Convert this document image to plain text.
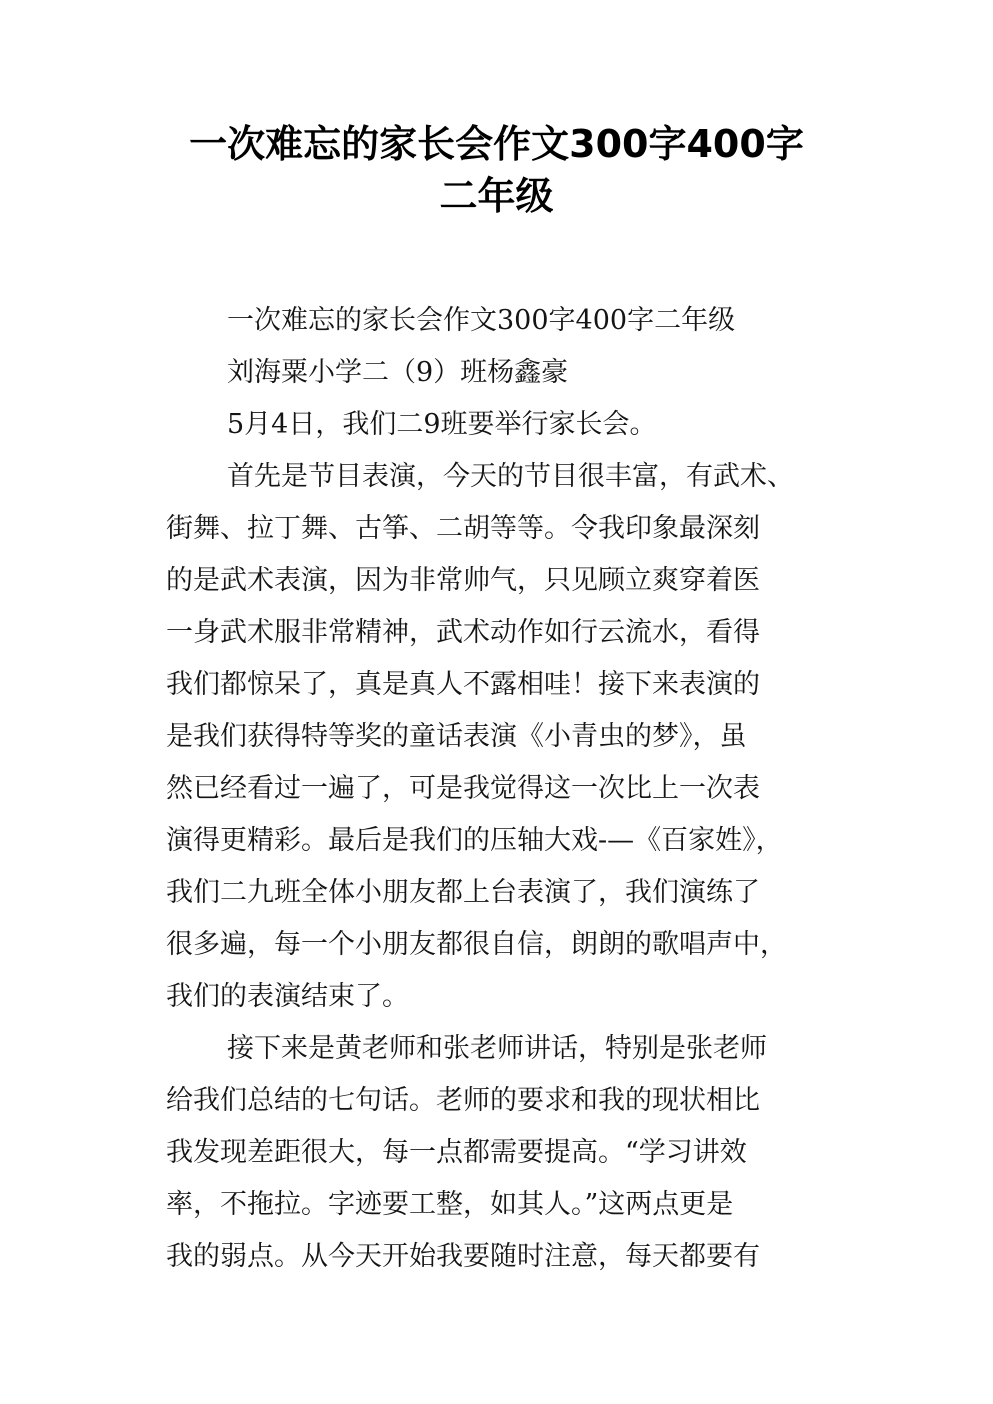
一次难忘的家长会作文300字400字
二年级
一次难忘的家长会作文300字400字二年级
刘海粟小学二（9）班杨鑫豪
5月4日，我们二9班要举行家长会。
首先是节目表演，今天的节目很丰富，有武术、
街舞、拉丁舞、古筝、二胡等等。令我印象最深刻
的是武术表演，因为非常帅气，只见顾立爽穿着医
一身武术服非常精神，武术动作如行云流水，看得
我们都惊呆了，真是真人不露相哇！接下来表演的
是我们获得特等奖的童话表演《小青虫的梦》，虽
然已经看过一遍了，可是我觉得这一次比上一次表
演得更精彩。最后是我们的压轴大戏-—《百家姓》，
我们二九班全体小朋友都上台表演了，我们演练了
很多遍，每一个小朋友都很自信，朗朗的歌唱声中，
我们的表演结束了。
接下来是黄老师和张老师讲话，特别是张老师
给我们总结的七句话。老师的要求和我的现状相比
我发现差距很大，每一点都需要提高。“学习讲效
率，不拖拉。字迹要工整，如其人。”这两点更是
我的弱点。从今天开始我要随时注意，每天都要有
